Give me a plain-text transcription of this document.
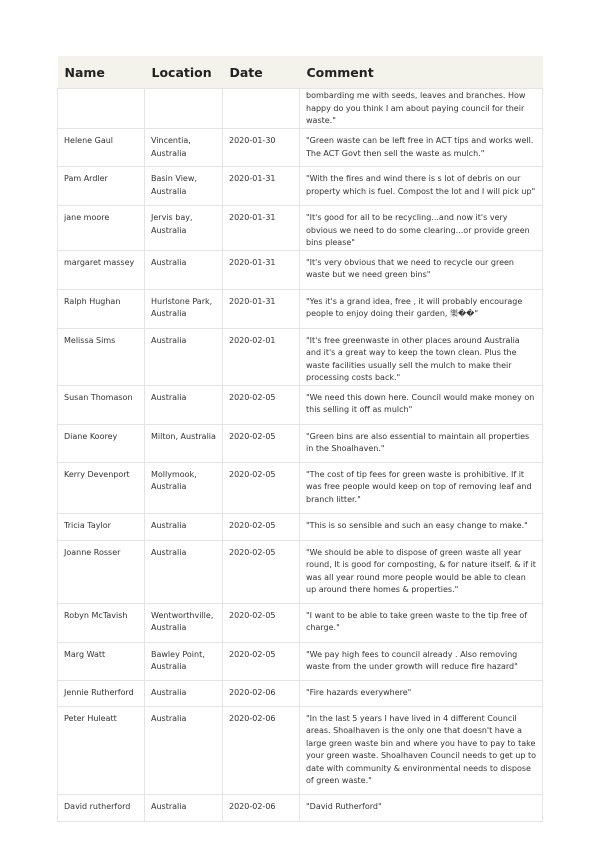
Name	Location	Date	Comment
			bombarding me with seeds, leaves and branches. How happy do you think I am about paying council for their waste."
Helene Gaul	Vincentia, Australia	2020-01-30	"Green waste can be left free in ACT tips and works well. The ACT Govt then sell the waste as mulch."
Pam Ardler	Basin View, Australia	2020-01-31	"With the fires and wind there is s lot of debris on our property which is fuel. Compost the lot and I will pick up"
jane moore	Jervis bay, Australia	2020-01-31	"It's good for all to be recycling...and now it's very obvious we need to do some clearing...or provide green bins please"
margaret massey	Australia	2020-01-31	"It's very obvious that we need to recycle our green waste but we need green bins"
Ralph Hughan	Hurlstone Park, Australia	2020-01-31	"Yes it's a grand idea, free , it will probably encourage people to enjoy doing their garden, 樂��"
Melissa Sims	Australia	2020-02-01	"It's free greenwaste in other places around Australia and it's a great way to keep the town clean. Plus the waste facilities usually sell the mulch to make their processing costs back."
Susan Thomason	Australia	2020-02-05	"We need this down here. Council would make money on this selling it off as mulch"
Diane Koorey	Milton, Australia	2020-02-05	"Green bins are also essential to maintain all properties in the Shoalhaven."
Kerry Devenport	Mollymook, Australia	2020-02-05	"The cost of tip fees for green waste is prohibitive. If it was free people would keep on top of removing leaf and branch litter."
Tricia Taylor	Australia	2020-02-05	"This is so sensible and such an easy change to make."
Joanne Rosser	Australia	2020-02-05	"We should be able to dispose of green waste all year round, It is good for composting, & for nature itself. & if it was all year round more people would be able to clean up around there homes & properties."
Robyn McTavish	Wentworthville, Australia	2020-02-05	"I want to be able to take green waste to the tip free of charge."
Marg Watt	Bawley Point, Australia	2020-02-05	"We pay high fees to council already . Also removing waste from the under growth will reduce fire hazard"
Jennie Rutherford	Australia	2020-02-06	"Fire hazards everywhere"
Peter Huleatt	Australia	2020-02-06	"In the last 5 years I have lived in 4 different Council areas. Shoalhaven is the only one that doesn't have a large green waste bin and where you have to pay to take your green waste. Shoalhaven Council needs to get up to date with community & environmental needs to dispose of green waste."
David rutherford	Australia	2020-02-06	"David Rutherford"
